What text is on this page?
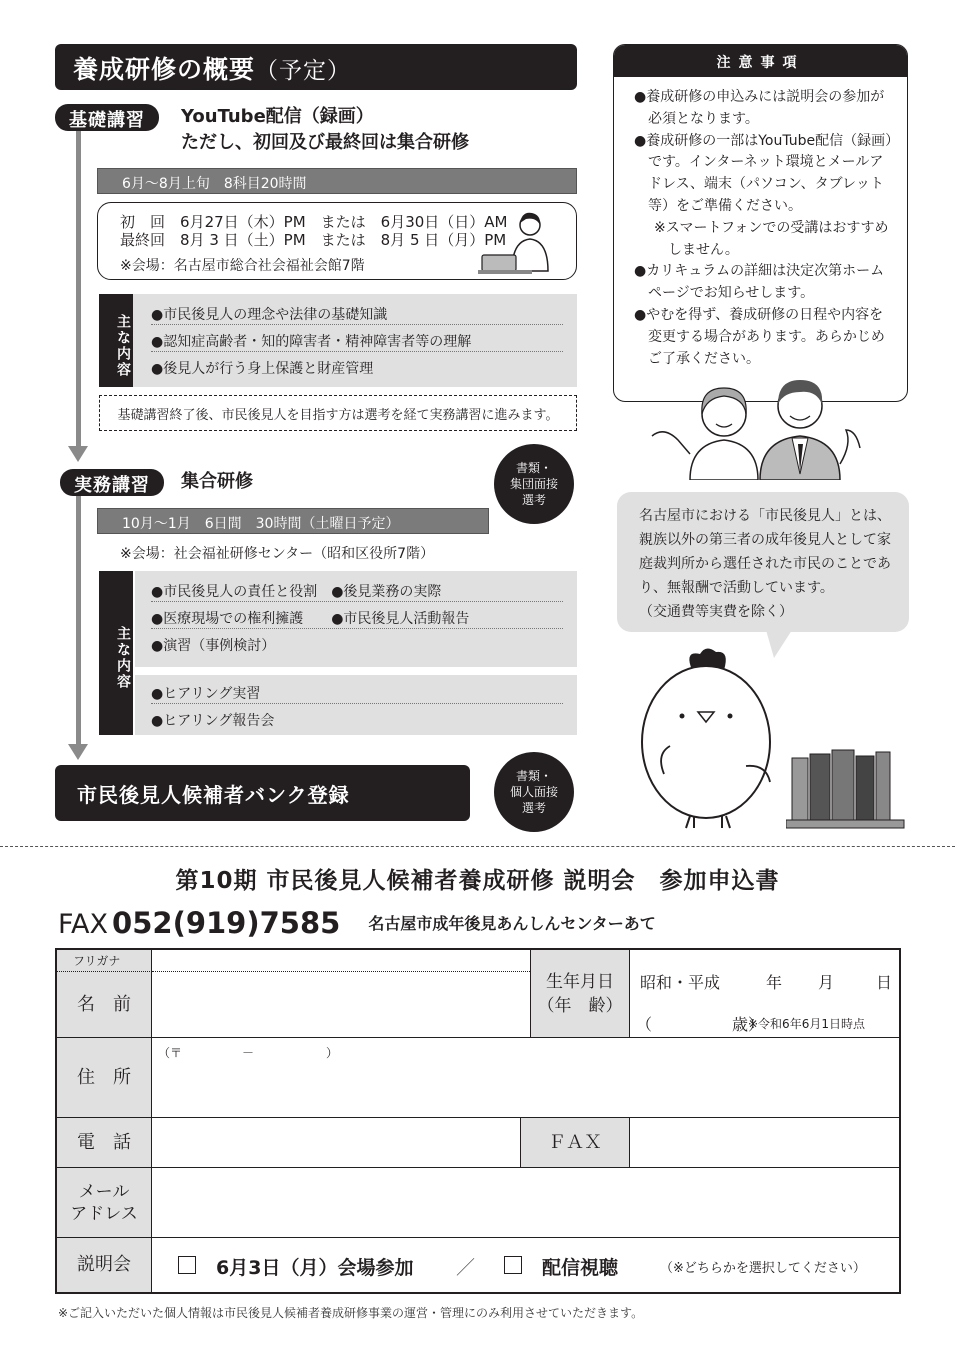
養成研修の概要（予定）
基礎講習	YouTube配信（録画）
ただし、初回及び最終回は集合研修
6月～8月上旬　8科目20時間
初　回　 6月27日（木）PM　または　6月30日（日）AM
最終回　 8月 3 日（土）PM　または　8月 5 日（月）PM
※会場：名古屋市総合社会福祉会館7階
主な内容 ●市民後見人の理念や法律の基礎知識
●認知症高齢者・知的障害者・精神障害者等の理解
●後見人が行う身上保護と財産管理
基礎講習終了後、市民後見人を目指す方は選考を経て実務講習に進みます。
書類・
集団面接
選考
実務講習	集合研修
10月～1月　6日間　30時間（土曜日予定）
※会場：社会福祉研修センター（昭和区役所7階）
主な内容
●市民後見人の責任と役割　●後見業務の実際
●医療現場での権利擁護　　●市民後見人活動報告
●演習（事例検討）
●ヒアリング実習
●ヒアリング報告会
市民後見人候補者バンク登録
書類・
個人面接
選考
注意事項
●養成研修の申込みには説明会の参加が必須となります。
●養成研修の一部はYouTube配信（録画）です。インターネット環境とメールアドレス、端末（パソコン、タブレット等）をご準備ください。
※スマートフォンでの受講はおすすめしません。
●カリキュラムの詳細は決定次第ホームページでお知らせします。
●やむを得ず、養成研修の日程や内容を変更する場合があります。あらかじめご了承ください。
名古屋市における「市民後見人」とは、親族以外の第三者の成年後見人として家庭裁判所から選任された市民のことであり、無報酬で活動しています。
（交通費等実費を除く）
第10期 市民後見人候補者養成研修 説明会　参加申込書
FAX 052(919)7585 名古屋市成年後見あんしんセンターあて
フリガナ
名　前
生年月日
（年　齢）
昭和・平成	年 月	日
（　　　　　歳）
※令和6年6月1日時点
住　所
（〒　　　　　－　　　　　　）
電　話	ＦＡＸ
メール
アドレス
説明会	6月3日（月）会場参加 ／	配信視聴	（※どちらかを選択してください）
※ご記入いただいた個人情報は市民後見人候補者養成研修事業の運営・管理にのみ利用させていただきます。
